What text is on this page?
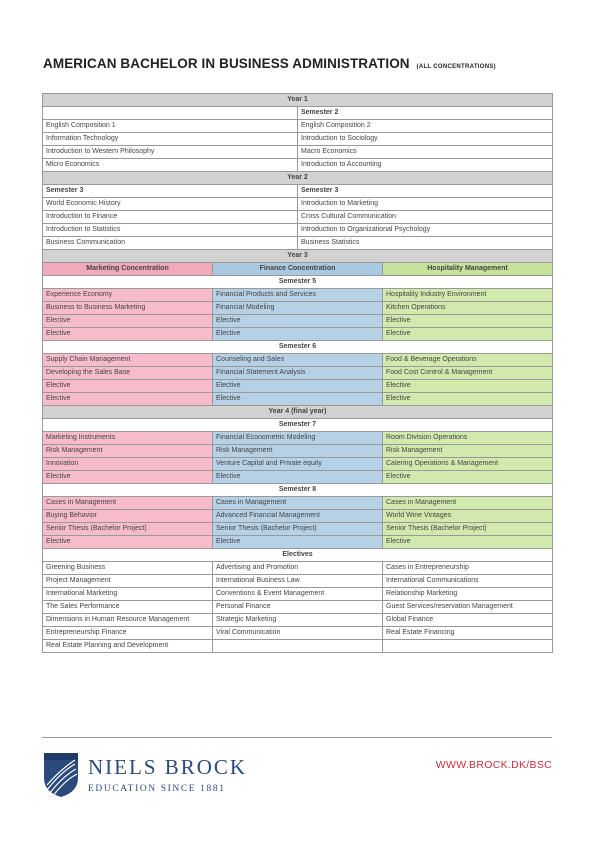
AMERICAN BACHELOR IN BUSINESS ADMINISTRATION (ALL CONCENTRATIONS)
Year 1			
		Semester 2	
English Composition 1		English Composition 2	
Information Technology		Introduction to Sociology	
Introduction to Western Philosophy		Macro Economics	
Micro Economics		Introduction to Accounting	
Year 2			
Semester 3		Semester 3	
World Economic History		Introduction to Marketing	
Introduction to Finance		Cross Cultural Communication	
Introduction to Statistics		Introduction to Organizational Psychology	
Business Communication		Business Statistics	
Year 3			
Marketing Concentration	Finance Concentration		Hospitality Management
Semester 5			
Experience Economy	Financial Products and Services		Hospitality Industry Environment
Business to Business Marketing	Financial Modeling		Kitchen Operations
Elective	Elective		Elective
Elective	Elective		Elective
Semester 6			
Supply Chain Management	Counseling and Sales		Food & Beverage Operations
Developing the Sales Base	Financial Statement Analysis		Food Cost Control & Management
Elective	Elective		Elective
Elective	Elective		Elective
Year 4 (final year)			
Semester 7			
Marketing Instruments	Financial Econometric Modeling		Room Division Operations
Risk Management	Risk Management		Risk Management
Innovation	Venture Capital and Private equity		Catering Operations & Management
Elective	Elective		Elective
Semester 8			
Cases in Management	Cases in Management		Cases in Management
Buying Behavior	Advanced Financial Management		World Wine Vintages
Senior Thesis (Bachelor Project)	Senior Thesis (Bachelor Project)		Senior Thesis (Bachelor Project)
Elective	Elective		Elective
Electives			
Greening Business	Advertising and Promotion		Cases in Entrepreneurship
Project Management	International Business Law		International Communications
International Marketing	Conventions & Event Management		Relationship Marketing
The Sales Performance	Personal Finance		Guest Services/reservation Management
Dimensions in Human Resource Management	Strategic Marketing		Global Finance
Entrepreneurship Finance	Viral Communication		Real Estate Financing
Real Estate Planning and Development			
NIELS BROCK
EDUCATION SINCE 1881
WWW.BROCK.DK/BSC
